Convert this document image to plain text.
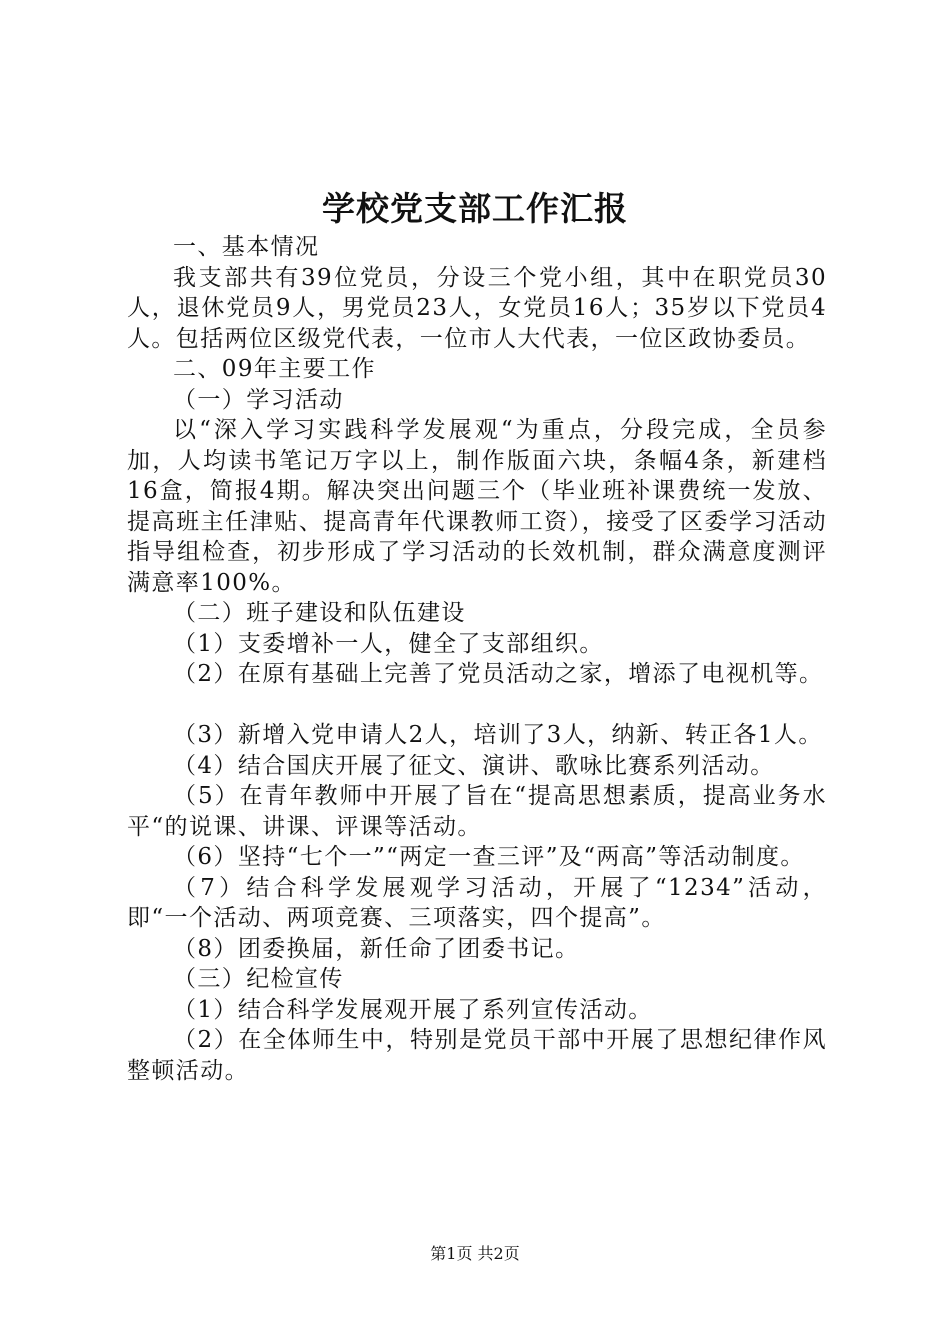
学校党支部工作汇报

一、基本情况

我支部共有39位党员，分设三个党小组，其中在职党员30人，退休党员9人，男党员23人，女党员16人；35岁以下党员4人。包括两位区级党代表，一位市人大代表，一位区政协委员。

二、09年主要工作

（一）学习活动

以“深入学习实践科学发展观“为重点，分段完成，全员参加，人均读书笔记万字以上，制作版面六块，条幅4条，新建档16盒，简报4期。解决突出问题三个（毕业班补课费统一发放、提高班主任津贴、提高青年代课教师工资），接受了区委学习活动指导组检查，初步形成了学习活动的长效机制，群众满意度测评满意率100%。

（二）班子建设和队伍建设

（1）支委增补一人，健全了支部组织。

（2）在原有基础上完善了党员活动之家，增添了电视机等。

（3）新增入党申请人2人，培训了3人，纳新、转正各1人。

（4）结合国庆开展了征文、演讲、歌咏比赛系列活动。

（5）在青年教师中开展了旨在“提高思想素质，提高业务水平“的说课、讲课、评课等活动。

（6）坚持“七个一”“两定一查三评”及“两高”等活动制度。

（7）结合科学发展观学习活动，开展了“1234”活动，即“一个活动、两项竞赛、三项落实，四个提高”。

（8）团委换届，新任命了团委书记。

（三）纪检宣传

（1）结合科学发展观开展了系列宣传活动。

（2）在全体师生中，特别是党员干部中开展了思想纪律作风整顿活动。

第1页 共2页
